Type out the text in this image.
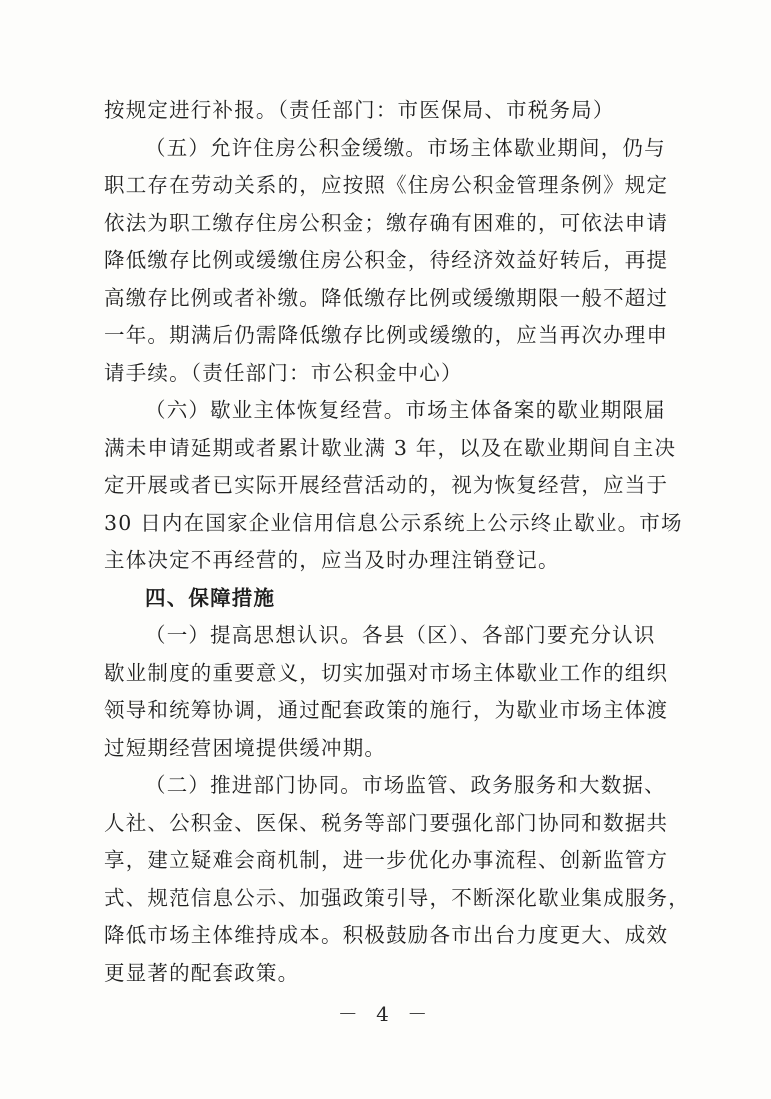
按规定进行补报。（责任部门：市医保局、市税务局）
（五）允许住房公积金缓缴。市场主体歇业期间，仍与
职工存在劳动关系的，应按照《住房公积金管理条例》规定
依法为职工缴存住房公积金；缴存确有困难的，可依法申请
降低缴存比例或缓缴住房公积金，待经济效益好转后，再提
高缴存比例或者补缴。降低缴存比例或缓缴期限一般不超过
一年。期满后仍需降低缴存比例或缓缴的，应当再次办理申
请手续。（责任部门：市公积金中心）
（六）歇业主体恢复经营。市场主体备案的歇业期限届
满未申请延期或者累计歇业满 3 年，以及在歇业期间自主决
定开展或者已实际开展经营活动的，视为恢复经营，应当于
30 日内在国家企业信用信息公示系统上公示终止歇业。市场
主体决定不再经营的，应当及时办理注销登记。
四、保障措施
（一）提高思想认识。各县（区）、各部门要充分认识
歇业制度的重要意义，切实加强对市场主体歇业工作的组织
领导和统筹协调，通过配套政策的施行，为歇业市场主体渡
过短期经营困境提供缓冲期。
（二）推进部门协同。市场监管、政务服务和大数据、
人社、公积金、医保、税务等部门要强化部门协同和数据共
享，建立疑难会商机制，进一步优化办事流程、创新监管方
式、规范信息公示、加强政策引导，不断深化歇业集成服务，
降低市场主体维持成本。积极鼓励各市出台力度更大、成效
更显著的配套政策。
－ 4 －
